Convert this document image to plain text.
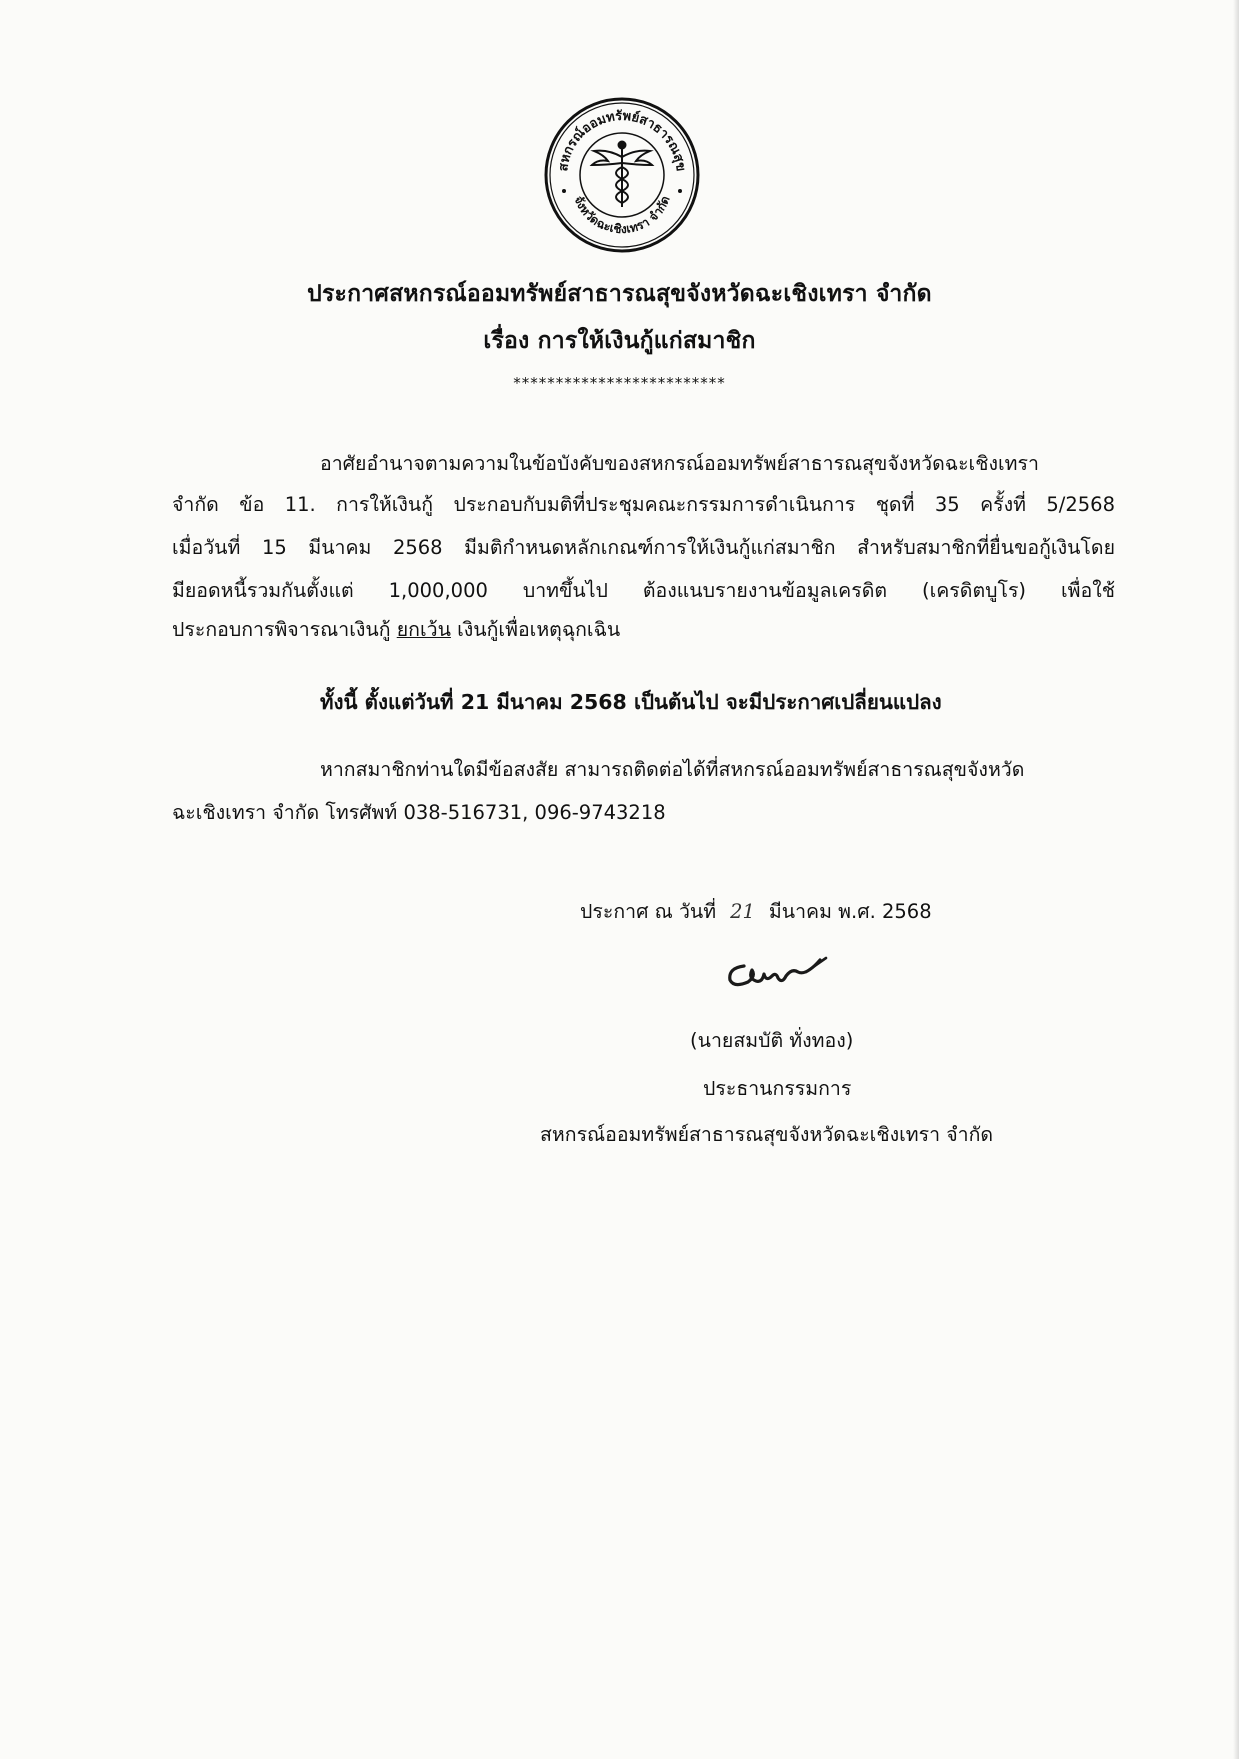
สหกรณ์ออมทรัพย์สาธารณสุข
จังหวัดฉะเชิงเทรา จำกัด
ประกาศสหกรณ์ออมทรัพย์สาธารณสุขจังหวัดฉะเชิงเทรา จำกัด
เรื่อง การให้เงินกู้แก่สมาชิก
*************************
อาศัยอำนาจตามความในข้อบังคับของสหกรณ์ออมทรัพย์สาธารณสุขจังหวัดฉะเชิงเทรา
จำกัด ข้อ 11. การให้เงินกู้ ประกอบกับมติที่ประชุมคณะกรรมการดำเนินการ ชุดที่ 35 ครั้งที่ 5/2568
เมื่อวันที่ 15 มีนาคม 2568 มีมติกำหนดหลักเกณฑ์การให้เงินกู้แก่สมาชิก สำหรับสมาชิกที่ยื่นขอกู้เงินโดย
มียอดหนี้รวมกันตั้งแต่ 1,000,000 บาทขึ้นไป ต้องแนบรายงานข้อมูลเครดิต (เครดิตบูโร) เพื่อใช้
ประกอบการพิจารณาเงินกู้ ยกเว้น เงินกู้เพื่อเหตุฉุกเฉิน
ทั้งนี้ ตั้งแต่วันที่ 21 มีนาคม 2568 เป็นต้นไป จะมีประกาศเปลี่ยนแปลง
หากสมาชิกท่านใดมีข้อสงสัย สามารถติดต่อได้ที่สหกรณ์ออมทรัพย์สาธารณสุขจังหวัด
ฉะเชิงเทรา จำกัด โทรศัพท์ 038-516731, 096-9743218
ประกาศ ณ วันที่ 21 มีนาคม พ.ศ. 2568
(นายสมบัติ ทั่งทอง)
ประธานกรรมการ
สหกรณ์ออมทรัพย์สาธารณสุขจังหวัดฉะเชิงเทรา จำกัด
